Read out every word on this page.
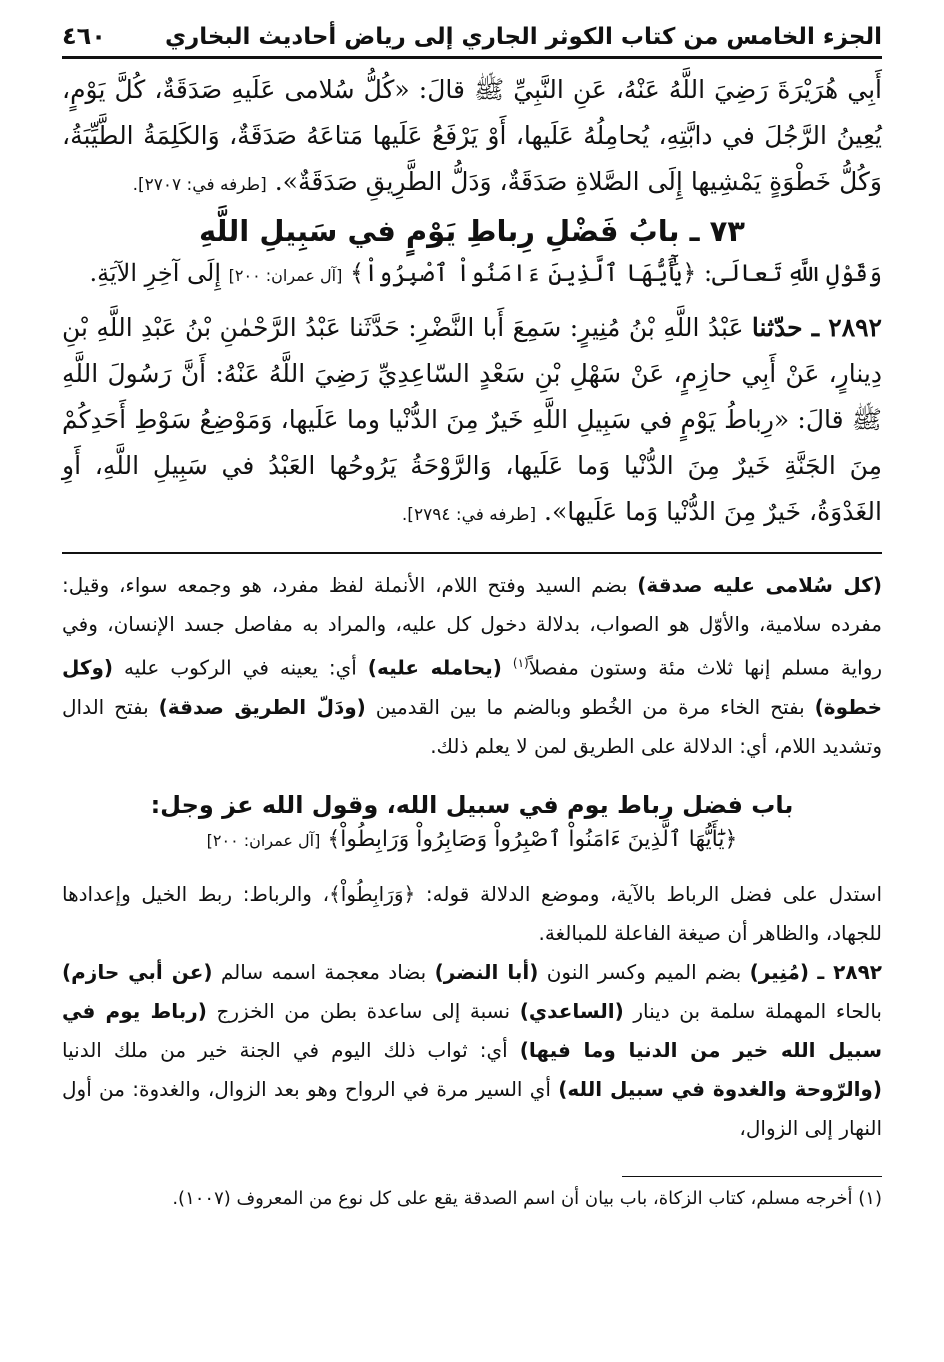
الجزء الخامس من كتاب الكوثر الجاري إلى رياض أحاديث البخاري
٤٦٠

أَبِي هُرَيْرَةَ رَضِيَ اللَّهُ عَنْهُ، عَنِ النَّبِيِّ ﷺ قالَ: «كُلُّ سُلامى عَلَيهِ صَدَقَةٌ، كُلَّ يَوْمٍ، يُعِينُ الرَّجُلَ في دابَّتِهِ، يُحامِلُهُ عَلَيها، أَوْ يَرْفَعُ عَلَيها مَتاعَهُ صَدَقَةٌ، وَالكَلِمَةُ الطَّيِّبَةُ، وَكُلُّ خَطْوَةٍ يَمْشِيها إِلَى الصَّلاةِ صَدَقَةٌ، وَدَلُّ الطَّرِيقِ صَدَقَةٌ». [طرفه في: ٢٧٠٧].

٧٣ ـ بابُ فَضْلِ رِباطِ يَوْمٍ في سَبِيلِ اللَّهِ
وَقَوْلِ اللَّهِ تَعالَى: ﴿يَٰٓأَيُّهَا ٱلَّذِينَ ءَامَنُواْ ٱصْبِرُواْ﴾ [آل عمران: ٢٠٠] إِلَى آخِرِ الآيَةِ.

٢٨٩٢ ـ حدّثنا عَبْدُ اللَّهِ بْنُ مُنِيرٍ: سَمِعَ أَبا النَّضْرِ: حَدَّثَنا عَبْدُ الرَّحْمٰنِ بْنُ عَبْدِ اللَّهِ بْنِ دِينارٍ، عَنْ أَبِي حازِمٍ، عَنْ سَهْلِ بْنِ سَعْدٍ السّاعِدِيِّ رَضِيَ اللَّهُ عَنْهُ: أَنَّ رَسُولَ اللَّهِ ﷺ قالَ: «رِباطُ يَوْمٍ في سَبِيلِ اللَّهِ خَيرٌ مِنَ الدُّنْيا وما عَلَيها، وَمَوْضِعُ سَوْطِ أَحَدِكُمْ مِنَ الجَنَّةِ خَيرٌ مِنَ الدُّنْيا وَما عَلَيها، وَالرَّوْحَةُ يَرُوحُها العَبْدُ في سَبِيلِ اللَّهِ، أَوِ الغَدْوَةُ، خَيرٌ مِنَ الدُّنْيا وَما عَلَيها». [طرفه في: ٢٧٩٤].

(كل سُلامى عليه صدقة) بضم السيد وفتح اللام، الأنملة لفظ مفرد، هو وجمعه سواء، وقيل: مفرده سلامية، والأوّل هو الصواب، بدلالة دخول كل عليه، والمراد به مفاصل جسد الإنسان، وفي رواية مسلم إنها ثلاث مئة وستون مفصلاً$^{(١)}$ (يحامله عليه) أي: يعينه في الركوب عليه (وكل خطوة) بفتح الخاء مرة من الخُطو وبالضم ما بين القدمين (ودَلّ الطريق صدقة) بفتح الدال وتشديد اللام، أي: الدلالة على الطريق لمن لا يعلم ذلك.

باب فضل رباط يوم في سبيل الله، وقول الله عز وجل:
﴿يَٰٓأَيُّهَا ٱلَّذِينَ ءَامَنُواْ ٱصْبِرُواْ وَصَابِرُواْ وَرَابِطُواْ﴾ [آل عمران: ٢٠٠]

استدل على فضل الرباط بالآية، وموضع الدلالة قوله: ﴿وَرَابِطُواْ﴾، والرباط: ربط الخيل وإعدادها للجهاد، والظاهر أن صيغة الفاعلة للمبالغة.

٢٨٩٢ ـ (مُنِير) بضم الميم وكسر النون (أبا النضر) بضاد معجمة اسمه سالم (عن أبي حازم) بالحاء المهملة سلمة بن دينار (الساعدي) نسبة إلى ساعدة بطن من الخزرج (رباط يوم في سبيل الله خير من الدنيا وما فيها) أي: ثواب ذلك اليوم في الجنة خير من ملك الدنيا (والرّوحة والغدوة في سبيل الله) أي السير مرة في الرواح وهو بعد الزوال، والغدوة: من أول النهار إلى الزوال،

(١) أخرجه مسلم، كتاب الزكاة، باب بيان أن اسم الصدقة يقع على كل نوع من المعروف (١٠٠٧).
